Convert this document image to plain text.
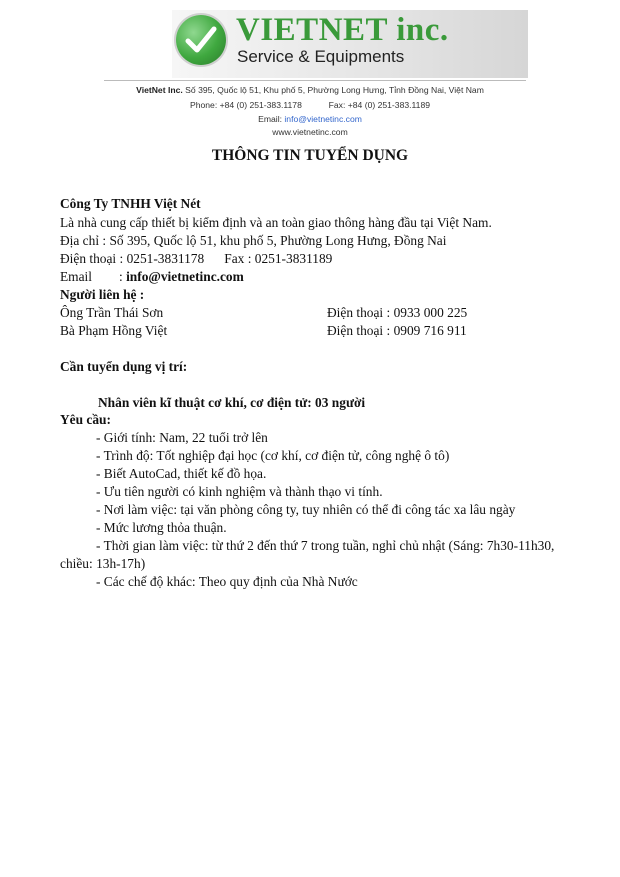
VIETNET inc.
Service & Equipments
VietNet Inc. Số 395, Quốc lộ 51, Khu phố 5, Phường Long Hưng, Tỉnh Đồng Nai, Việt Nam
Phone: +84 (0) 251-383.1178	Fax: +84 (0) 251-383.1189
Email: info@vietnetinc.com
www.vietnetinc.com
THÔNG TIN TUYỂN DỤNG
Công Ty TNHH Việt Nét
Là nhà cung cấp thiết bị kiểm định và an toàn giao thông hàng đầu tại Việt Nam.
Địa chỉ : Số 395, Quốc lộ 51, khu phố 5, Phường Long Hưng, Đồng Nai
Điện thoại : 0251-3831178      Fax : 0251-3831189
Email : info@vietnetinc.com
Người liên hệ :
Ông Trần Thái Sơn	Điện thoại : 0933 000 225
Bà Phạm Hồng Việt	Điện thoại : 0909 716 911
Cần tuyển dụng vị trí:
Nhân viên kĩ thuật cơ khí, cơ điện tử: 03 người
Yêu cầu:
- Giới tính: Nam, 22 tuổi trở lên
- Trình độ: Tốt nghiệp đại học (cơ khí, cơ điện tử, công nghệ ô tô)
- Biết AutoCad, thiết kế đồ họa.
- Ưu tiên người có kinh nghiệm và thành thạo vi tính.
- Nơi làm việc: tại văn phòng công ty, tuy nhiên có thể đi công tác xa lâu ngày
- Mức lương thỏa thuận.
- Thời gian làm việc: từ thứ 2 đến thứ 7 trong tuần, nghỉ chủ nhật (Sáng: 7h30-11h30,
chiều: 13h-17h)
- Các chế độ khác: Theo quy định của Nhà Nước
